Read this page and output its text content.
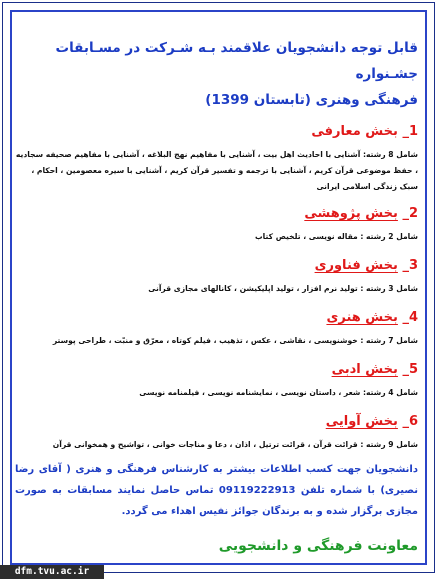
قابل توجه دانشجویان علاقمند بـه شـرکت در مسـابقات جشـنواره
فرهنگی وهنری (تابستان 1399)
1_ بخش معارفی
شامل 8 رشته: آشنایی با احادیث اهل بیت ، آشنایی با مفاهیم نهج البلاغه ، آشنایی با مفاهیم صحیفه سجادیه ، حفظ موضوعی قرآن کریم ، آشنایی با ترجمه و تفسیر قرآن کریم ، آشنایی با سیره معصومین ، احکام ، سبک زندگی اسلامی ایرانی
2_ بخش پژوهشی
شامل 2 رشته : مقاله نویسی ، تلخیص کتاب
3_ بخش فناوری
شامل 3 رشته : تولید نرم افزار ، تولید اپلیکیشن ، کانالهای مجازی قرآنی
4_ بخش هنری
شامل 7 رشته : خوشنویسی ، نقاشی ، عکس ، تذهیب ، فیلم کوتاه ، معرّق و منبّت ، طراحی پوستر
5_ بخش ادبی
شامل 4 رشته: شعر ، داستان نویسی ، نمایشنامه نویسی ، فیلمنامه نویسی
6_ بخش آوایی
شامل 9 رشته : قرائت قرآن ، قرائت ترتیل ، اذان ، دعا و مناجات خوانی ، تواشیح و همخوانی قرآن
دانشجویان جهت کسب اطلاعات بیشتر به کارشناس فرهنگی و هنری ( آقای رضا نصیری) با شماره تلفن 09119222913 تماس حاصل نمایند مسابقات به صورت مجازی برگزار شده و به برندگان جوائز نفیس اهداء می گردد.
معاونت فرهنگی و دانشجویی
dfm.tvu.ac.ir
